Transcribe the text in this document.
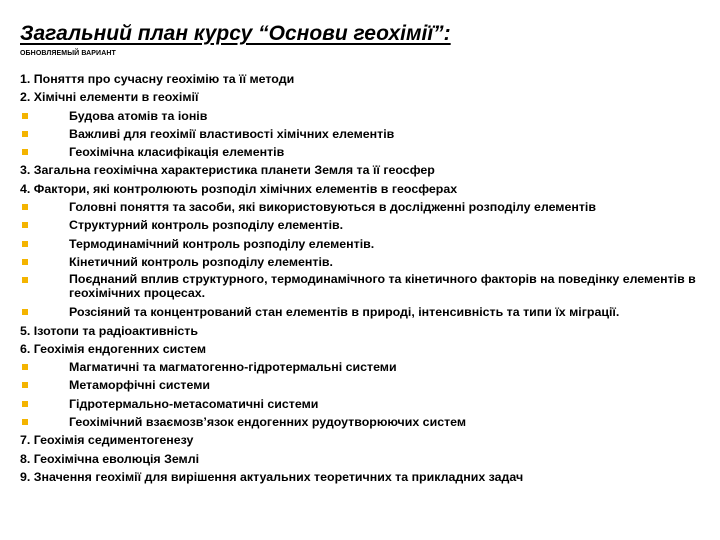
Загальний план курсу “Основи геохімії”:
ОБНОВЛЯЕМЫЙ ВАРИАНТ
1. Поняття про сучасну геохімію та її методи
2. Хімічні елементи в геохімії
Будова атомів та іонів
Важливі для геохімії властивості хімічних елементів
Геохімічна класифікація елементів
3. Загальна геохімічна характеристика планети Земля та її геосфер
4. Фактори, які контролюють розподіл хімічних елементів в геосферах
Головні поняття та засоби, які використовуються в дослідженні розподілу елементів
Структурний контроль розподілу елементів.
Термодинамічний контроль розподілу елементів.
Кінетичний контроль розподілу елементів.
Поєднаний вплив структурного, термодинамічного та кінетичного факторів на поведінку елементів в геохімічних процесах.
Розсіяний та концентрований стан елементів в природі, інтенсивність та типи їх міграції.
5. Ізотопи та радіоактивність
6. Геохімія ендогенних систем
Магматичні та магматогенно-гідротермальні системи
Метаморфічні системи
Гідротермально-метасоматичні системи
Геохімічний взаємозв’язок ендогенних рудоутворюючих систем
7. Геохімія седиментогенезу
8. Геохімічна еволюція Землі
9. Значення геохімії для вирішення актуальних теоретичних та прикладних задач
